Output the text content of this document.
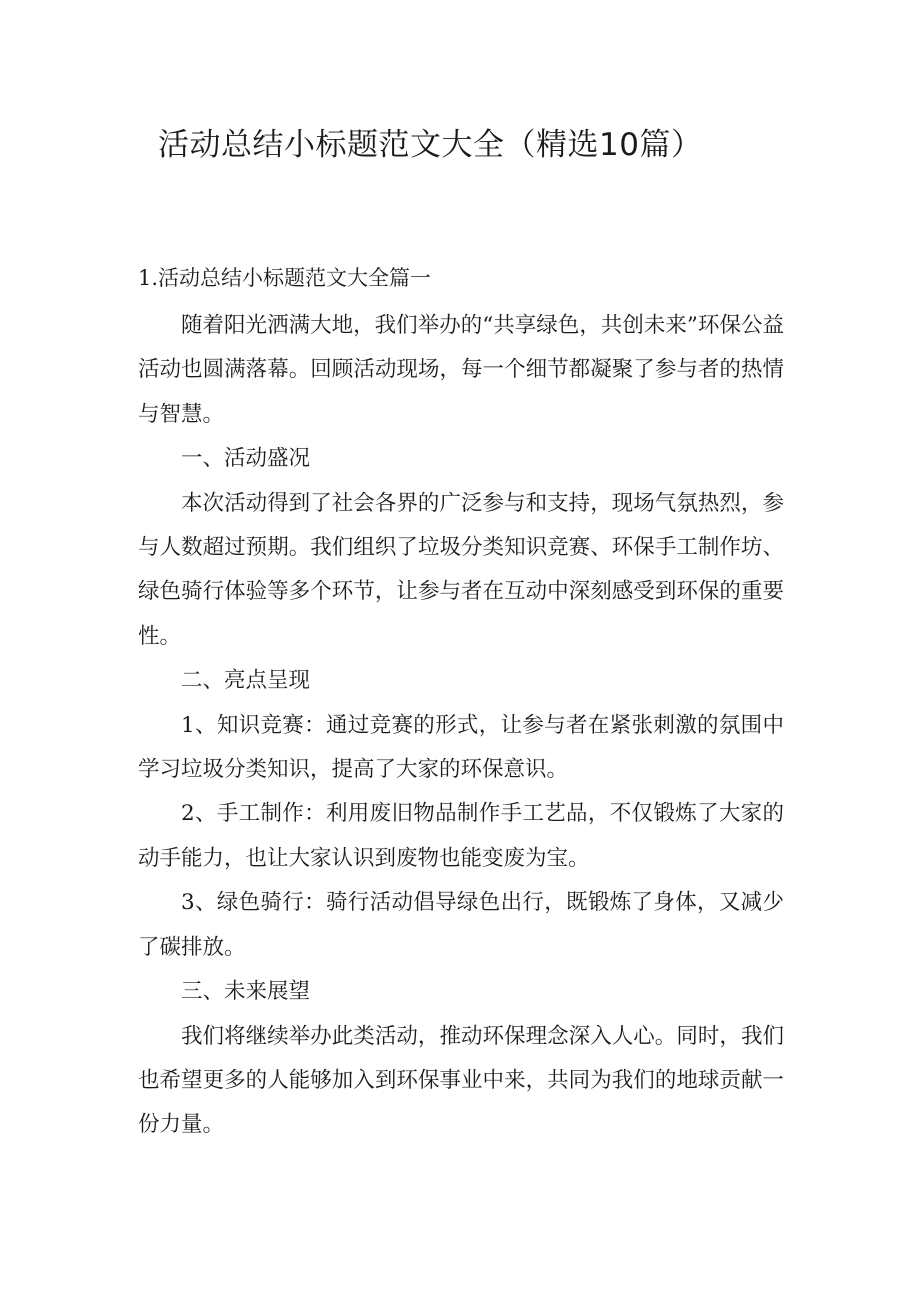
活动总结小标题范文大全（精选10篇）
1.活动总结小标题范文大全篇一

随着阳光洒满大地，我们举办的“共享绿色，共创未来”环保公益活动也圆满落幕。回顾活动现场，每一个细节都凝聚了参与者的热情与智慧。

一、活动盛况

本次活动得到了社会各界的广泛参与和支持，现场气氛热烈，参与人数超过预期。我们组织了垃圾分类知识竞赛、环保手工制作坊、绿色骑行体验等多个环节，让参与者在互动中深刻感受到环保的重要性。

二、亮点呈现

1、知识竞赛：通过竞赛的形式，让参与者在紧张刺激的氛围中学习垃圾分类知识，提高了大家的环保意识。

2、手工制作：利用废旧物品制作手工艺品，不仅锻炼了大家的动手能力，也让大家认识到废物也能变废为宝。

3、绿色骑行：骑行活动倡导绿色出行，既锻炼了身体，又减少了碳排放。

三、未来展望

我们将继续举办此类活动，推动环保理念深入人心。同时，我们也希望更多的人能够加入到环保事业中来，共同为我们的地球贡献一份力量。
